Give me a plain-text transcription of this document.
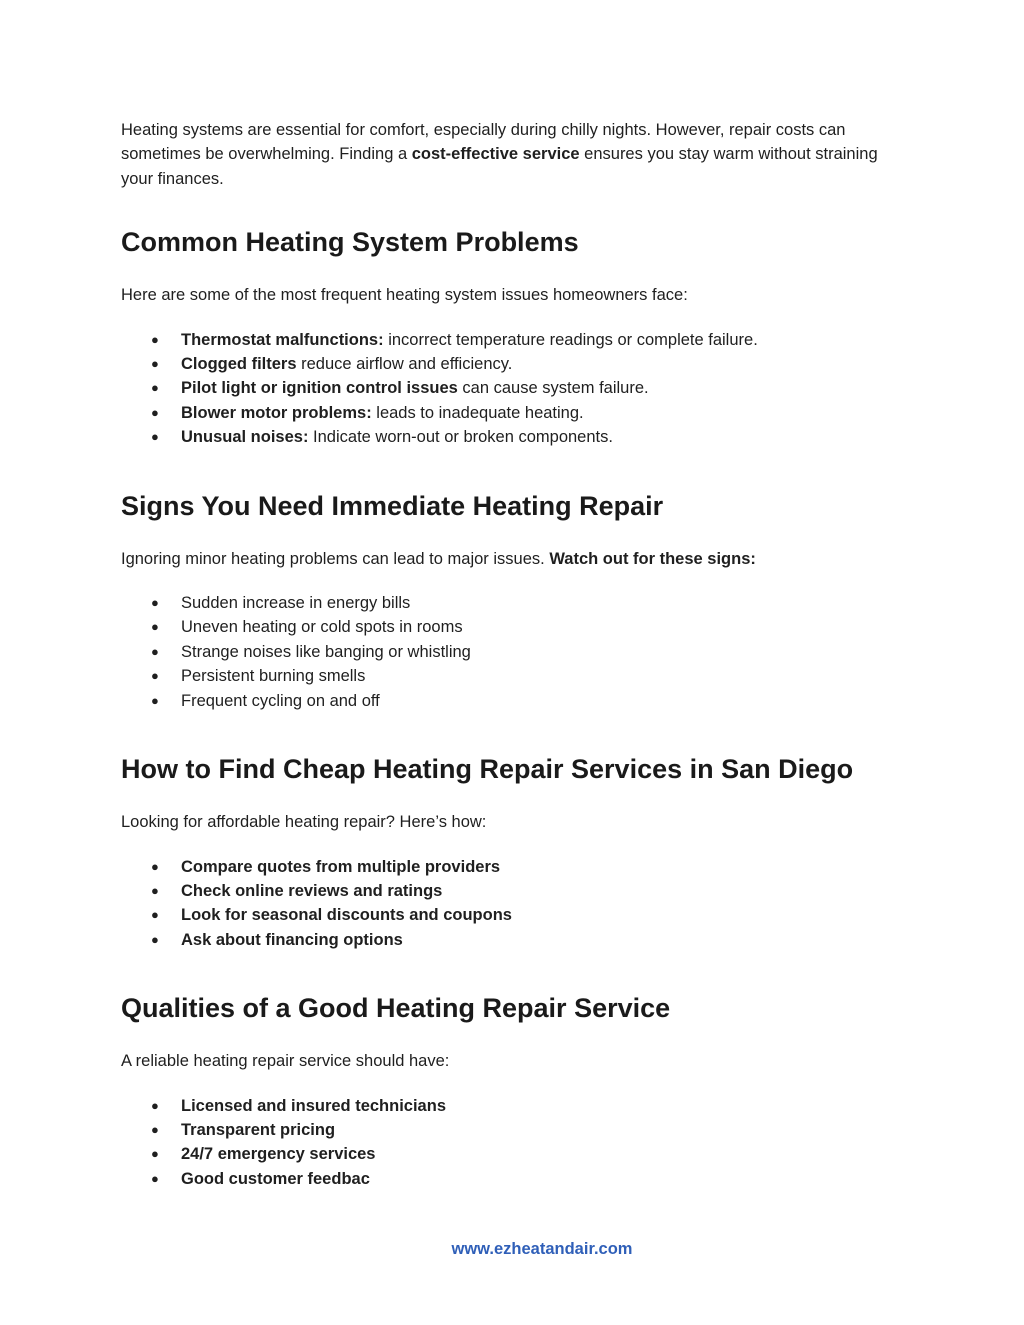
Heating systems are essential for comfort, especially during chilly nights. However, repair costs can sometimes be overwhelming. Finding a cost-effective service ensures you stay warm without straining your finances.

Common Heating System Problems

Here are some of the most frequent heating system issues homeowners face:

● Thermostat malfunctions: incorrect temperature readings or complete failure.
● Clogged filters reduce airflow and efficiency.
● Pilot light or ignition control issues can cause system failure.
● Blower motor problems: leads to inadequate heating.
● Unusual noises: Indicate worn-out or broken components.
Signs You Need Immediate Heating Repair

Ignoring minor heating problems can lead to major issues. Watch out for these signs:

● Sudden increase in energy bills
● Uneven heating or cold spots in rooms
● Strange noises like banging or whistling
● Persistent burning smells
● Frequent cycling on and off
How to Find Cheap Heating Repair Services in San Diego

Looking for affordable heating repair? Here’s how:

● Compare quotes from multiple providers
● Check online reviews and ratings
● Look for seasonal discounts and coupons
● Ask about financing options
Qualities of a Good Heating Repair Service

A reliable heating repair service should have:

● Licensed and insured technicians
● Transparent pricing
● 24/7 emergency services
● Good customer feedbac
www.ezheatandair.com
